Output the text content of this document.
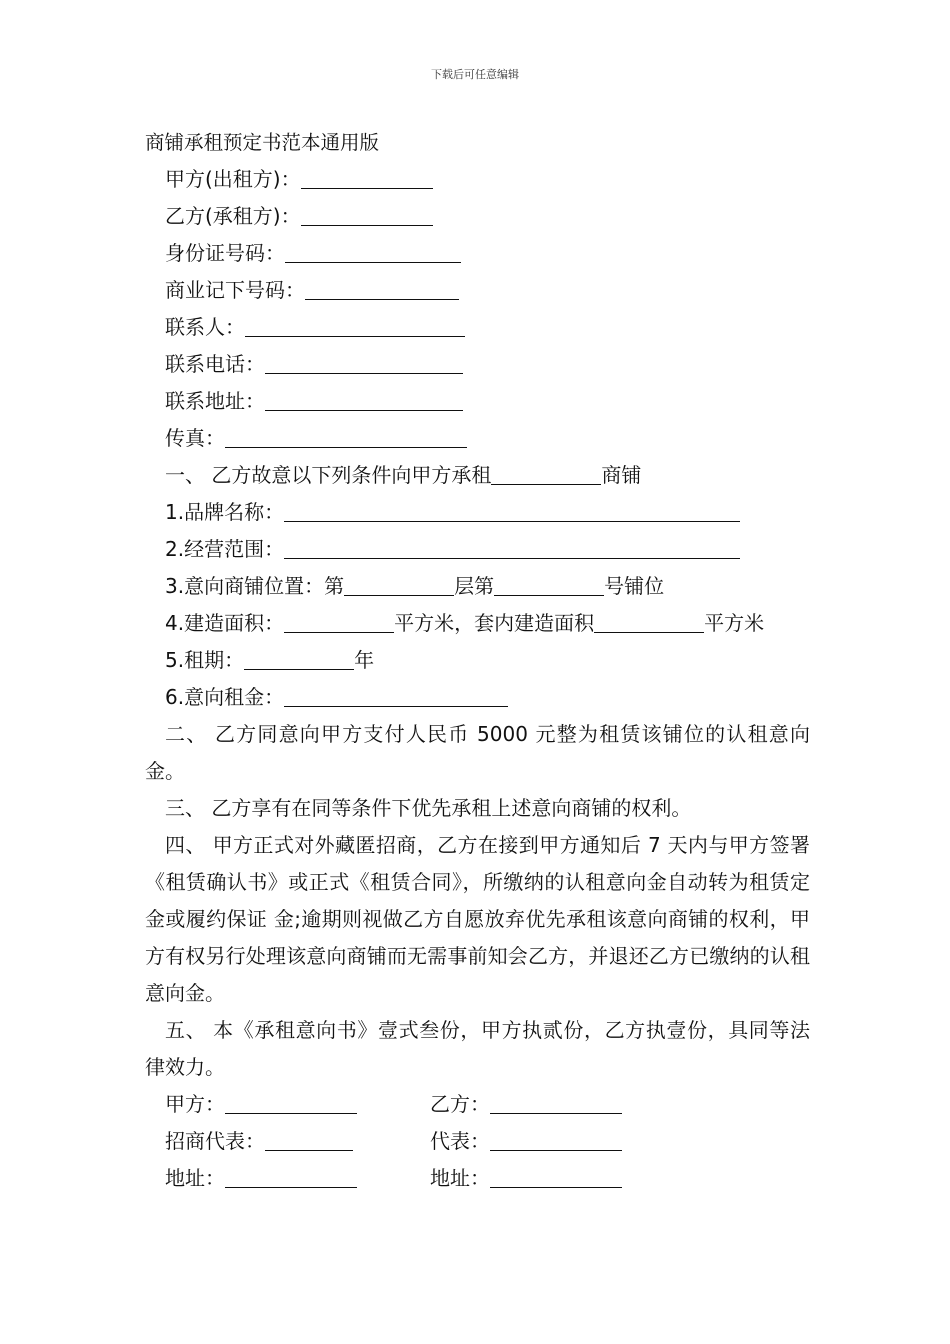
下载后可任意编辑
商铺承租预定书范本通用版
甲方(出租方)：
乙方(承租方)：
身份证号码：
商业记下号码：
联系人：
联系电话：
联系地址：
传真：
一、 乙方故意以下列条件向甲方承租	商铺
1.品牌名称：
2.经营范围：
3.意向商铺位置：第	层第	号铺位
4.建造面积：	平方米，套内建造面积	平方米
5.租期：	年
6.意向租金：
二、 乙方同意向甲方支付人民币 5000 元整为租赁该铺位的认租意向金。
三、 乙方享有在同等条件下优先承租上述意向商铺的权利。
四、 甲方正式对外藏匿招商，乙方在接到甲方通知后 7 天内与甲方签署《租赁确认书》或正式《租赁合同》，所缴纳的认租意向金自动转为租赁定金或履约保证 金;逾期则视做乙方自愿放弃优先承租该意向商铺的权利，甲方有权另行处理该意向商铺而无需事前知会乙方，并退还乙方已缴纳的认租意向金。
五、 本《承租意向书》壹式叁份，甲方执贰份，乙方执壹份，具同等法律效力。
甲方：	乙方：
招商代表：	代表：
地址：	地址：
